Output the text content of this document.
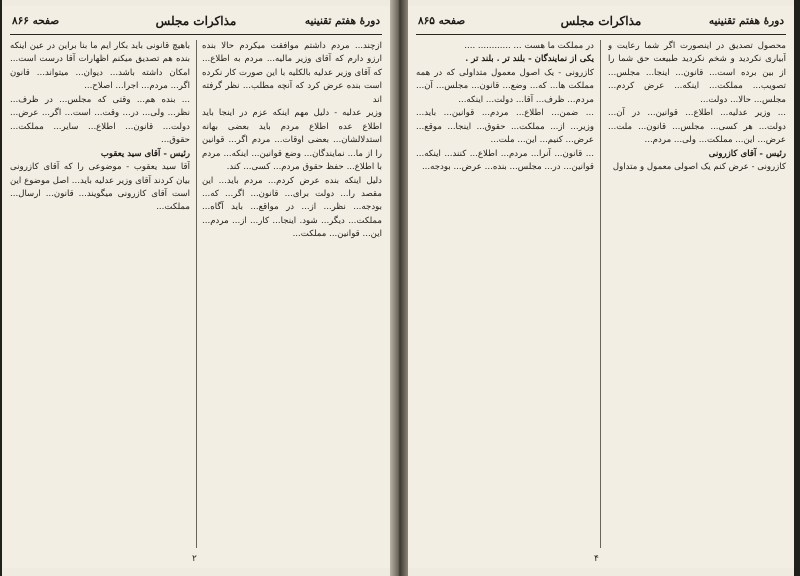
دورهٔ هفتم تقنینیه
مذاکرات مجلس
صفحه ۸۶۶

ازچند... مردم داشتم موافقت میکردم حالا بنده ارزو دارم که آقای وزیر مالیه... مردم به اطلاع... که آقای وزیر عدلیه بالکلیه با این صورت کار نکرده است بنده عرض کرد که آنچه مطلب... نظر گرفته اند

وزیر عدلیه - دلیل مهم اینکه عزم در اینجا باید اطلاع عده اطلاع مردم باید بعضی بهانه استدلالشان... بعضی اوقات... مردم اگر... قوانین را از ما... نمایندگان... وضع قوانین... اینکه... مردم با اطلاع... حفظ حقوق مردم... کسی... کند.

دلیل اینکه بنده عرض کردم... مردم باید... این مقصد را... دولت برای... قانون... اگر... که... بودجه... نظر... از... در مواقع... باید آگاه... مملکت... دیگر... شود. اینجا... کار... از... مردم... این... قوانین... مملکت...

باهیچ قانونی باید بکار ایم ما بنا براین در عین اینکه بنده هم تصدیق میکنم اظهارات آقا درست است... امکان داشته باشد... دیوان... میتواند... قانون اگر... مردم... اجرا... اصلاح...

... بنده هم... وقتی که مجلس... در ظرف... نظر... ولی... در... وقت... است... اگر... عرض... دولت... قانون... اطلاع... سایر... مملکت... حقوق...

رئیس - آقای سید یعقوب

آقا سید یعقوب - موضوعی را که آقای کازرونی بیان کردند آقای وزیر عدلیه باید... اصل موضوع این است آقای کازرونی میگویند... قانون... ارسال... مملکت...

۲
دورهٔ هفتم تقنینیه
مذاکرات مجلس
صفحه ۸۶۵

محصول تصدیق در اینصورت اگر شما رعایت و آبیاری نکردید و شخم نکردید طبیعت حق شما را از بین برده است... قانون... اینجا... مجلس... تصویب... مملکت... اینکه... عرض کردم... مجلس... حالا... دولت...

... وزیر عدلیه... اطلاع... قوانین... در آن... دولت... هر کسی... مجلس... قانون... ملت... عرض... این... مملکت... ولی... مردم...

رئیس - آقای کازرونی

کازرونی - عرض کنم یک اصولی معمول و متداول

در مملکت ما هست ... ............ ....

یکی از نمایندگان - بلند تر . بلند تر .

کازرونی - یک اصول معمول متداولی که در همه مملکت ها... که... وضع... قانون... مجلس... آن... مردم... ظرف... آقا... دولت... اینکه...

... ضمن... اطلاع... مردم... قوانین... باید... وزیر... از... مملکت... حقوق... اینجا... موقع... عرض... کنیم... این... ملت...

... قانون... آنرا... مردم... اطلاع... کنند... اینکه... قوانین... در... مجلس... بنده... عرض... بودجه...

۴
